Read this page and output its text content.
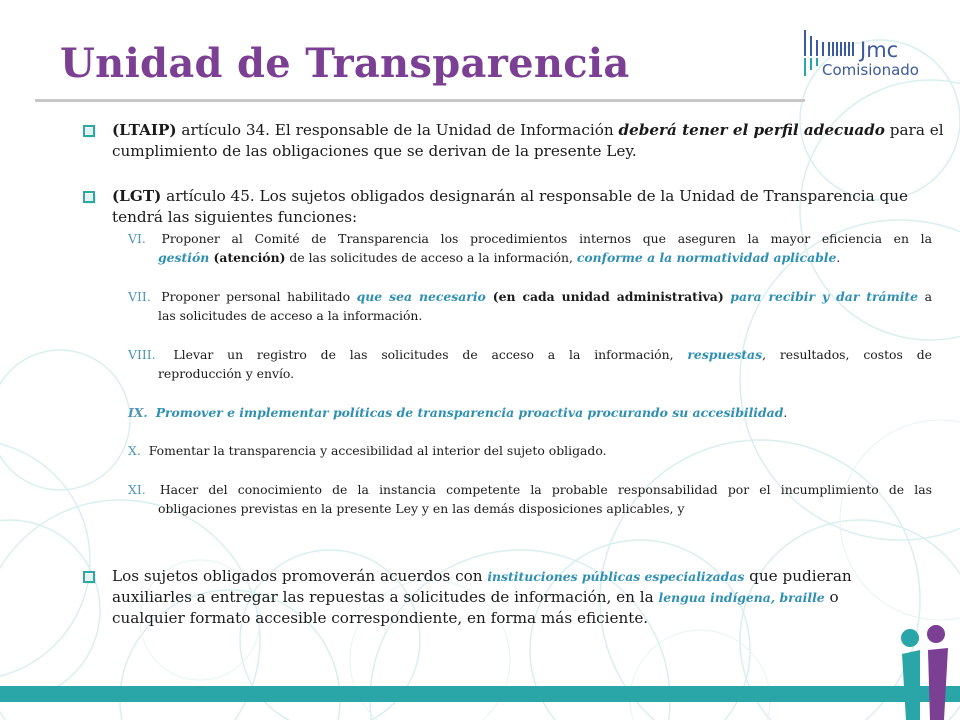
Unidad de Transparencia	Jmc
Comisionado
(LTAIP) artículo 34. El responsable de la Unidad de Información deberá tener el perfil adecuado para el cumplimiento de las obligaciones que se derivan de la presente Ley.
(LGT) artículo 45. Los sujetos obligados designarán al responsable de la Unidad de Transparencia que tendrá las siguientes funciones:
VI. Proponer al Comité de Transparencia los procedimientos internos que aseguren la mayor eficiencia en la
gestión (atención) de las solicitudes de acceso a la información, conforme a la normatividad aplicable.
VII. Proponer personal habilitado que sea necesario (en cada unidad administrativa) para recibir y dar trámite a
las solicitudes de acceso a la información.
VIII. Llevar un registro de las solicitudes de acceso a la información, respuestas, resultados, costos de
reproducción y envío.
IX. Promover e implementar políticas de transparencia proactiva procurando su accesibilidad.
X. Fomentar la transparencia y accesibilidad al interior del sujeto obligado.
XI. Hacer del conocimiento de la instancia competente la probable responsabilidad por el incumplimiento de las
obligaciones previstas en la presente Ley y en las demás disposiciones aplicables, y
Los sujetos obligados promoverán acuerdos con instituciones públicas especializadas que pudieran auxiliarles a entregar las repuestas a solicitudes de información, en la lengua indígena, braille o cualquier formato accesible correspondiente, en forma más eficiente.
